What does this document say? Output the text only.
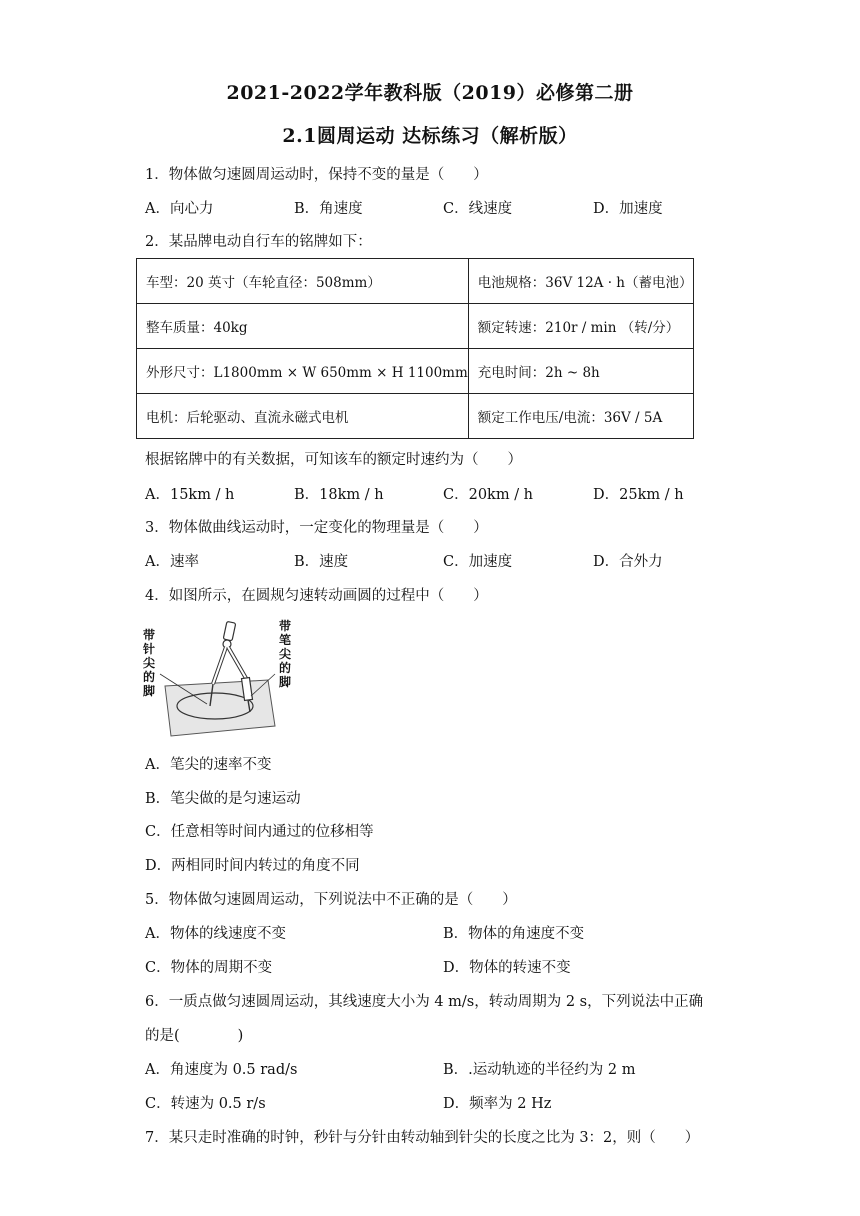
2021-2022学年教科版（2019）必修第二册
2.1圆周运动 达标练习（解析版）
1．物体做匀速圆周运动时，保持不变的量是（　　）
A．向心力	B．角速度	C．线速度	D．加速度
2．某品牌电动自行车的铭牌如下：
车型：20 英寸（车轮直径：508mm）	电池规格：36V 12A · h（蓄电池）
整车质量：40kg	额定转速：210r / min （转/分）
外形尺寸：L1800mm × W 650mm × H 1100mm	充电时间：2h ~ 8h
电机：后轮驱动、直流永磁式电机	额定工作电压/电流：36V / 5A
根据铭牌中的有关数据，可知该车的额定时速约为（　　）
A．15km / h	B．18km / h	C．20km / h	D．25km / h
3．物体做曲线运动时，一定变化的物理量是（　　）
A．速率	B．速度	C．加速度	D．合外力
4．如图所示，在圆规匀速转动画圆的过程中（　　）
带针尖的脚
带笔尖的脚
A．笔尖的速率不变
B．笔尖做的是匀速运动
C．任意相等时间内通过的位移相等
D．两相同时间内转过的角度不同
5．物体做匀速圆周运动，下列说法中不正确的是（　　）
A．物体的线速度不变	B．物体的角速度不变
C．物体的周期不变	D．物体的转速不变
6．一质点做匀速圆周运动，其线速度大小为 4 m/s，转动周期为 2 s，下列说法中正确
的是(　　　　)
A．角速度为 0.5 rad/s	B．.运动轨迹的半径约为 2 m
C．转速为 0.5 r/s	D．频率为 2 Hz
7．某只走时准确的时钟，秒针与分针由转动轴到针尖的长度之比为 3：2，则（　　）
